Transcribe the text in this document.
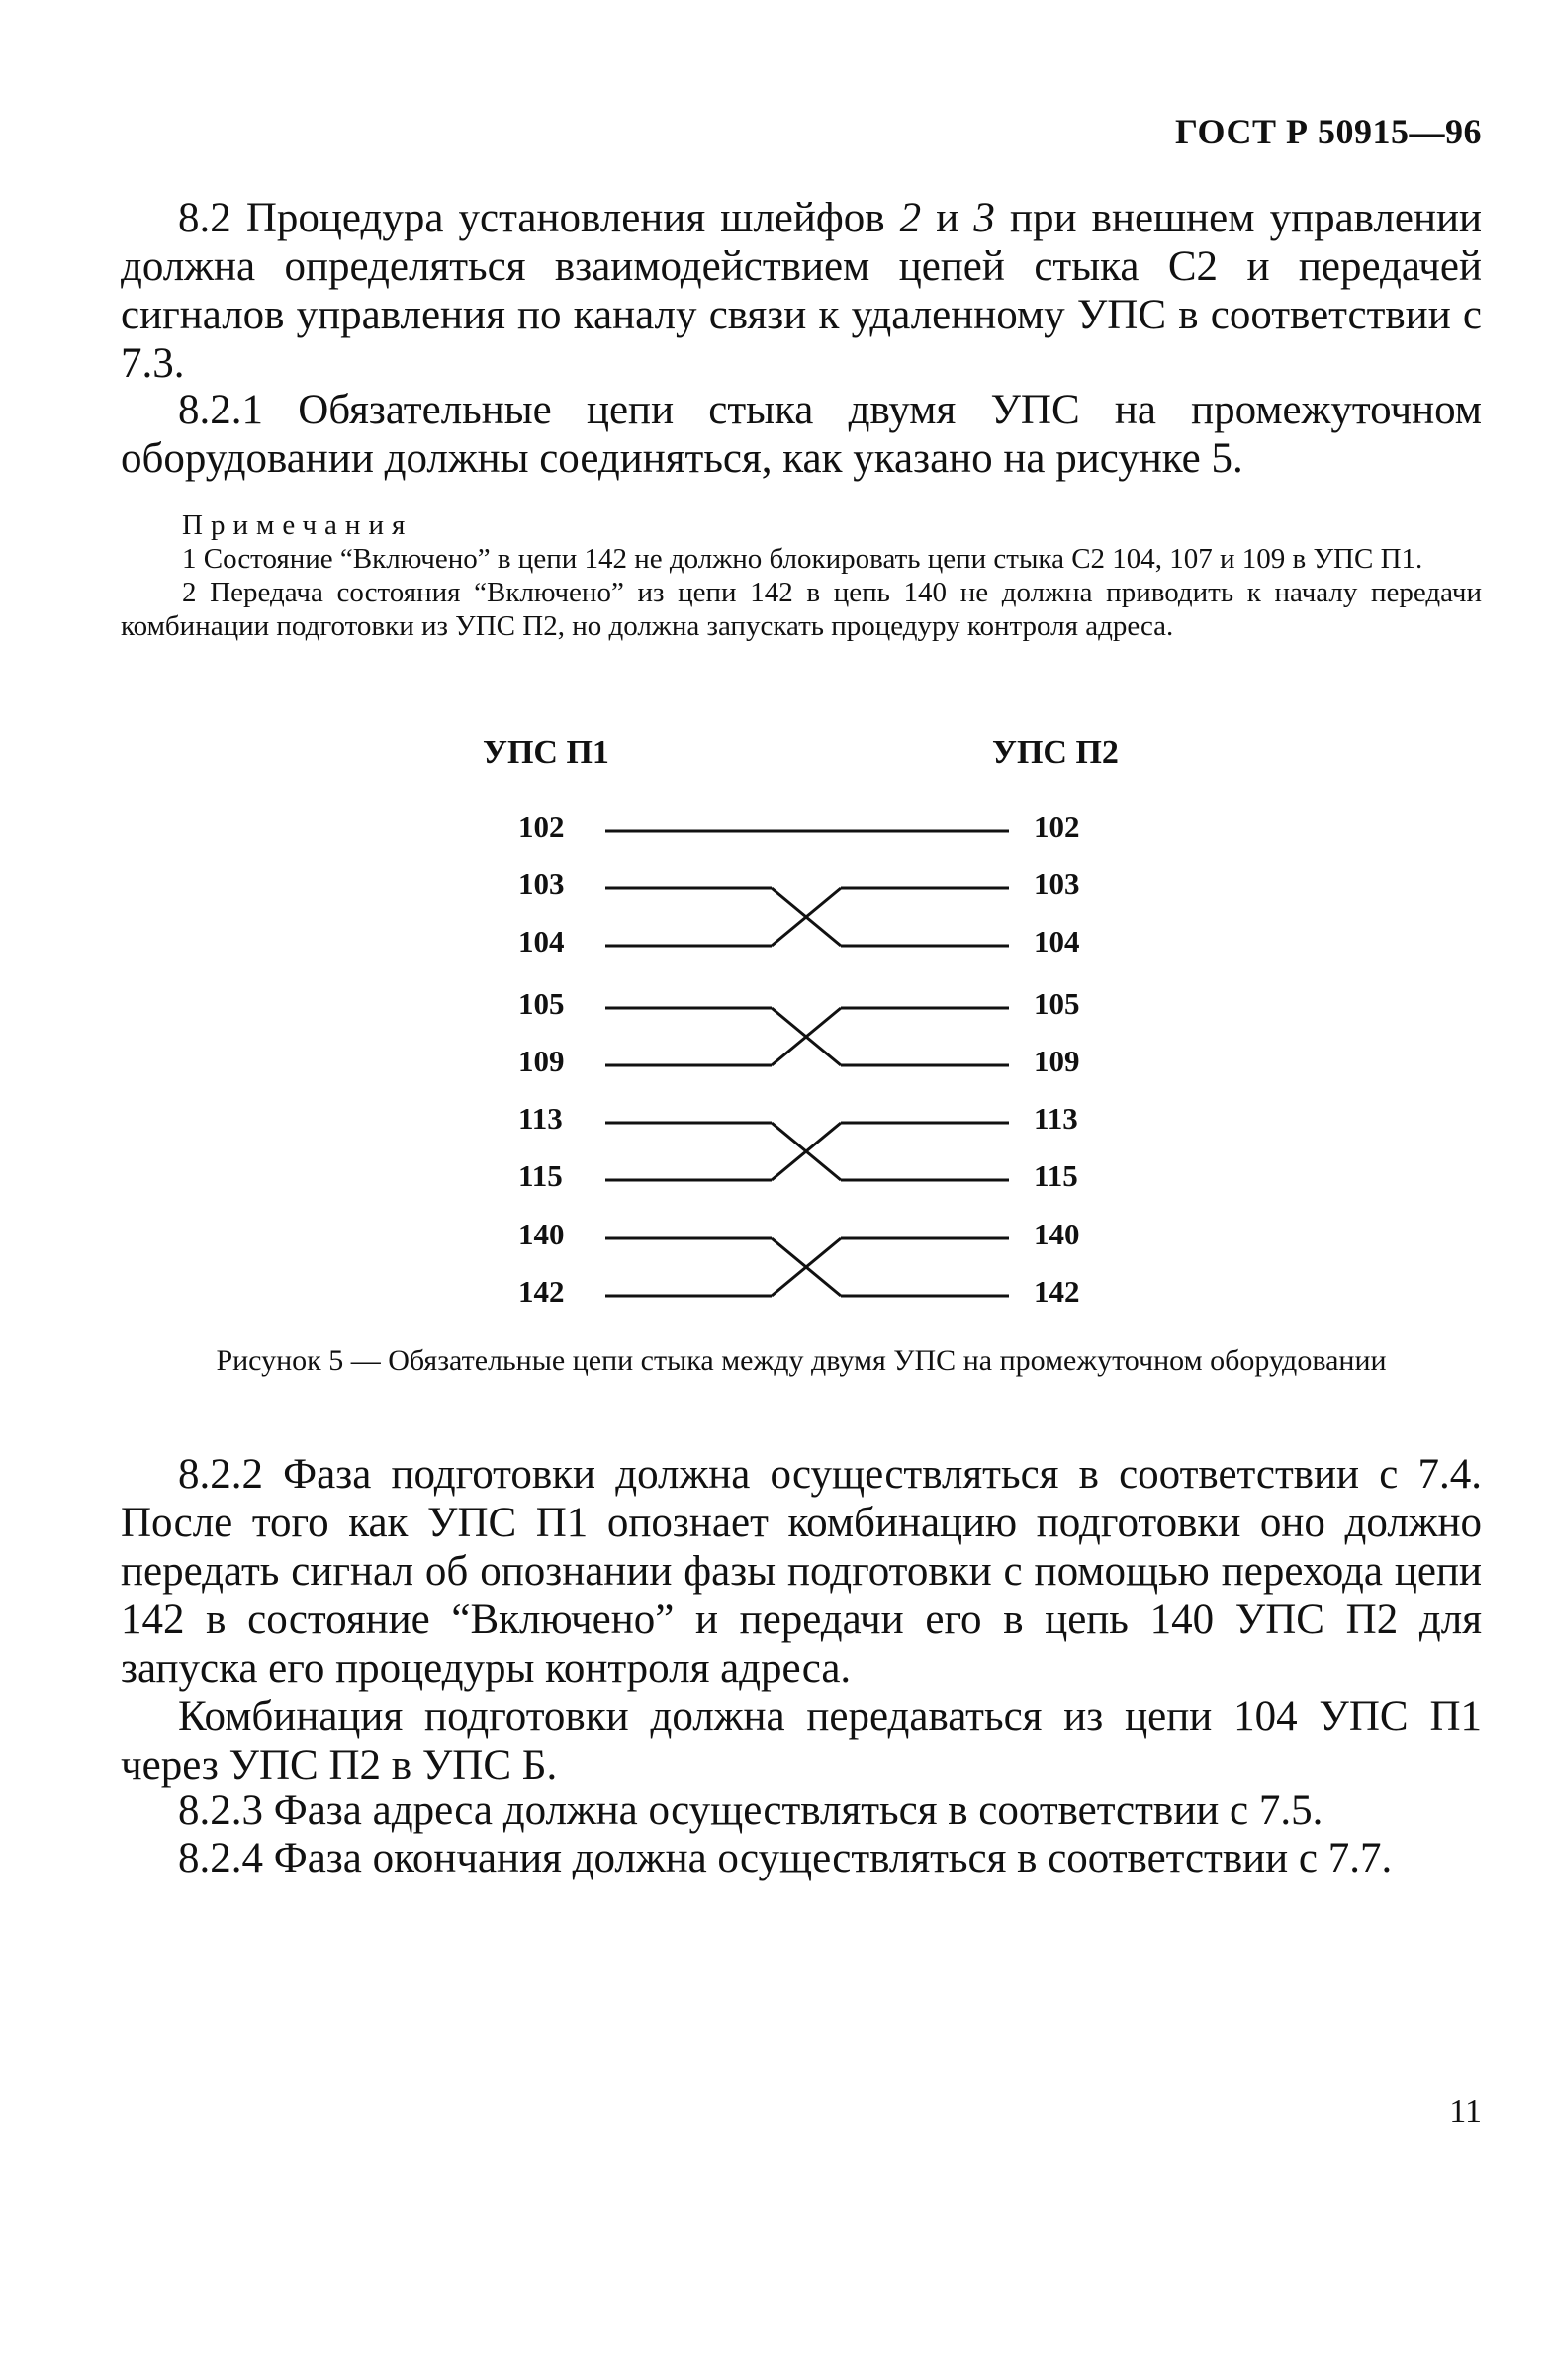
ГОСТ Р 50915—96

8.2 Процедура установления шлейфов 2 и 3 при внешнем управлении должна определяться взаимодействием цепей стыка С2 и передачей сигналов управления по каналу связи к удаленному УПС в соответствии с 7.3.

8.2.1 Обязательные цепи стыка двумя УПС на промежуточном оборудовании должны соединяться, как указано на рисунке 5.

Примечания

1 Состояние “Включено” в цепи 142 не должно блокировать цепи стыка С2 104, 107 и 109 в УПС П1.

2 Передача состояния “Включено” из цепи 142 в цепь 140 не должна приводить к началу передачи комбинации подготовки из УПС П2, но должна запускать процедуру контроля адреса.

УПС П1	УПС П2
102
103
104
105
109
113
115
140
142
102
103
104
105
109
113
115
140
142
Рисунок 5 — Обязательные цепи стыка между двумя УПС на промежуточном оборудовании

8.2.2 Фаза подготовки должна осуществляться в соответствии с 7.4. После того как УПС П1 опознает комбинацию подготовки оно должно передать сигнал об опознании фазы подготовки с помощью перехода цепи 142 в состояние “Включено” и передачи его в цепь 140 УПС П2 для запуска его процедуры контроля адреса.

Комбинация подготовки должна передаваться из цепи 104 УПС П1 через УПС П2 в УПС Б.

8.2.3 Фаза адреса должна осуществляться в соответствии с 7.5.

8.2.4 Фаза окончания должна осуществляться в соответствии с 7.7.

11
